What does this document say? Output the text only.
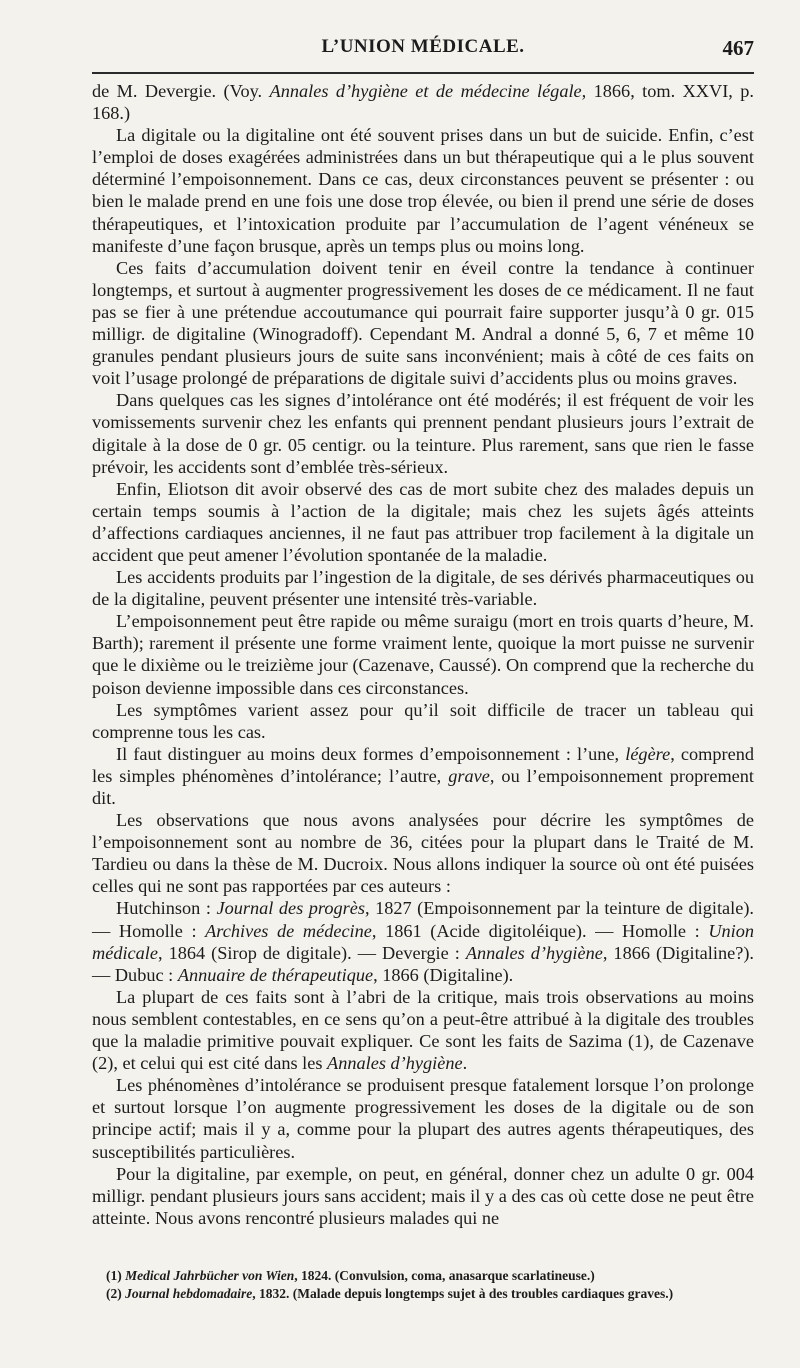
L’UNION MÉDICALE.	467

de M. Devergie. (Voy. Annales d’hygiène et de médecine légale, 1866, tom. XXVI, p. 168.)

La digitale ou la digitaline ont été souvent prises dans un but de suicide. Enfin, c’est l’emploi de doses exagérées administrées dans un but thérapeutique qui a le plus souvent déterminé l’empoisonnement. Dans ce cas, deux circonstances peuvent se présenter : ou bien le malade prend en une fois une dose trop élevée, ou bien il prend une série de doses thérapeutiques, et l’intoxication produite par l’accumulation de l’agent vénéneux se manifeste d’une façon brusque, après un temps plus ou moins long.

Ces faits d’accumulation doivent tenir en éveil contre la tendance à continuer longtemps, et surtout à augmenter progressivement les doses de ce médicament. Il ne faut pas se fier à une prétendue accoutumance qui pourrait faire supporter jusqu’à 0 gr. 015 milligr. de digitaline (Winogradoff). Cependant M. Andral a donné 5, 6, 7 et même 10 granules pendant plusieurs jours de suite sans inconvénient; mais à côté de ces faits on voit l’usage prolongé de préparations de digitale suivi d’accidents plus ou moins graves.

Dans quelques cas les signes d’intolérance ont été modérés; il est fréquent de voir les vomissements survenir chez les enfants qui prennent pendant plusieurs jours l’extrait de digitale à la dose de 0 gr. 05 centigr. ou la teinture. Plus rarement, sans que rien le fasse prévoir, les accidents sont d’emblée très-sérieux.

Enfin, Eliotson dit avoir observé des cas de mort subite chez des malades depuis un certain temps soumis à l’action de la digitale; mais chez les sujets âgés atteints d’affections cardiaques anciennes, il ne faut pas attribuer trop facilement à la digitale un accident que peut amener l’évolution spontanée de la maladie.

Les accidents produits par l’ingestion de la digitale, de ses dérivés pharmaceutiques ou de la digitaline, peuvent présenter une intensité très-variable.

L’empoisonnement peut être rapide ou même suraigu (mort en trois quarts d’heure, M. Barth); rarement il présente une forme vraiment lente, quoique la mort puisse ne survenir que le dixième ou le treizième jour (Cazenave, Caussé). On comprend que la recherche du poison devienne impossible dans ces circonstances.

Les symptômes varient assez pour qu’il soit difficile de tracer un tableau qui comprenne tous les cas.

Il faut distinguer au moins deux formes d’empoisonnement : l’une, légère, comprend les simples phénomènes d’intolérance; l’autre, grave, ou l’empoisonnement proprement dit.

Les observations que nous avons analysées pour décrire les symptômes de l’empoisonnement sont au nombre de 36, citées pour la plupart dans le Traité de M. Tardieu ou dans la thèse de M. Ducroix. Nous allons indiquer la source où ont été puisées celles qui ne sont pas rapportées par ces auteurs :

Hutchinson : Journal des progrès, 1827 (Empoisonnement par la teinture de digitale). — Homolle : Archives de médecine, 1861 (Acide digitoléique). — Homolle : Union médicale, 1864 (Sirop de digitale). — Devergie : Annales d’hygiène, 1866 (Digitaline?). — Dubuc : Annuaire de thérapeutique, 1866 (Digitaline).

La plupart de ces faits sont à l’abri de la critique, mais trois observations au moins nous semblent contestables, en ce sens qu’on a peut-être attribué à la digitale des troubles que la maladie primitive pouvait expliquer. Ce sont les faits de Sazima (1), de Cazenave (2), et celui qui est cité dans les Annales d’hygiène.

Les phénomènes d’intolérance se produisent presque fatalement lorsque l’on prolonge et surtout lorsque l’on augmente progressivement les doses de la digitale ou de son principe actif; mais il y a, comme pour la plupart des autres agents thérapeutiques, des susceptibilités particulières.

Pour la digitaline, par exemple, on peut, en général, donner chez un adulte 0 gr. 004 milligr. pendant plusieurs jours sans accident; mais il y a des cas où cette dose ne peut être atteinte. Nous avons rencontré plusieurs malades qui ne

(1) Medical Jahrbücher von Wien, 1824. (Convulsion, coma, anasarque scarlatineuse.)
(2) Journal hebdomadaire, 1832. (Malade depuis longtemps sujet à des troubles cardiaques graves.)
